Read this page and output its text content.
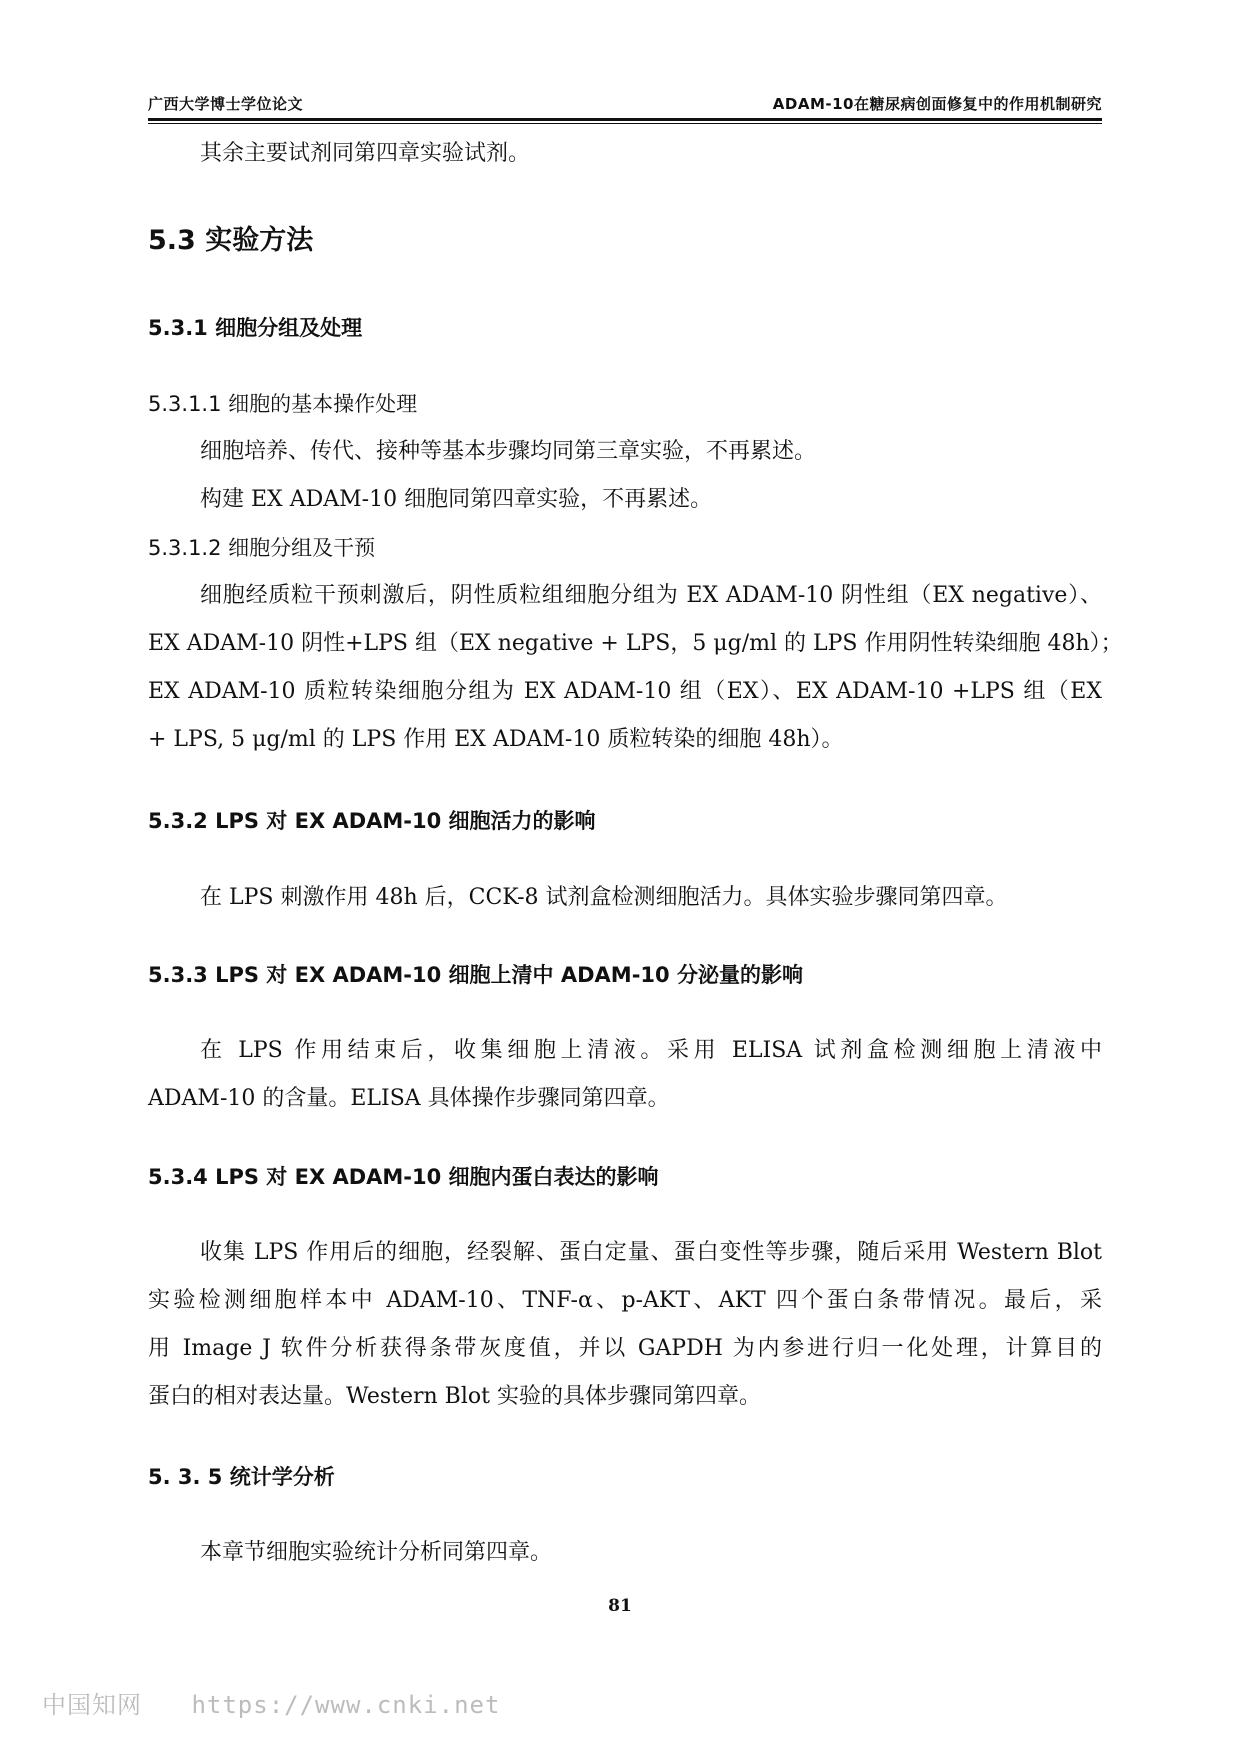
广西大学博士学位论文	ADAM-10在糖尿病创面修复中的作用机制研究
其余主要试剂同第四章实验试剂。
5.3 实验方法
5.3.1 细胞分组及处理
5.3.1.1 细胞的基本操作处理
细胞培养、传代、接种等基本步骤均同第三章实验，不再累述。
构建 EX ADAM-10 细胞同第四章实验，不再累述。
5.3.1.2 细胞分组及干预
细胞经质粒干预刺激后，阴性质粒组细胞分组为 EX ADAM-10 阴性组（EX negative）、
EX ADAM-10 阴性+LPS 组（EX negative + LPS，5 μg/ml 的 LPS 作用阴性转染细胞 48h）；
EX ADAM-10 质粒转染细胞分组为 EX ADAM-10 组（EX）、EX ADAM-10 +LPS 组（EX
+ LPS, 5 μg/ml 的 LPS 作用 EX ADAM-10 质粒转染的细胞 48h）。
5.3.2 LPS 对 EX ADAM-10 细胞活力的影响
在 LPS 刺激作用 48h 后，CCK-8 试剂盒检测细胞活力。具体实验步骤同第四章。
5.3.3 LPS 对 EX ADAM-10 细胞上清中 ADAM-10 分泌量的影响
在 LPS 作用结束后，收集细胞上清液。采用 ELISA 试剂盒检测细胞上清液中
ADAM-10 的含量。ELISA 具体操作步骤同第四章。
5.3.4 LPS 对 EX ADAM-10 细胞内蛋白表达的影响
收集 LPS 作用后的细胞，经裂解、蛋白定量、蛋白变性等步骤，随后采用 Western Blot
实验检测细胞样本中 ADAM-10、TNF-α、p-AKT、AKT 四个蛋白条带情况。最后，采
用 Image J 软件分析获得条带灰度值，并以 GAPDH 为内参进行归一化处理，计算目的
蛋白的相对表达量。Western Blot 实验的具体步骤同第四章。
5. 3. 5 统计学分析
本章节细胞实验统计分析同第四章。
81
中国知网 https://www.cnki.net
